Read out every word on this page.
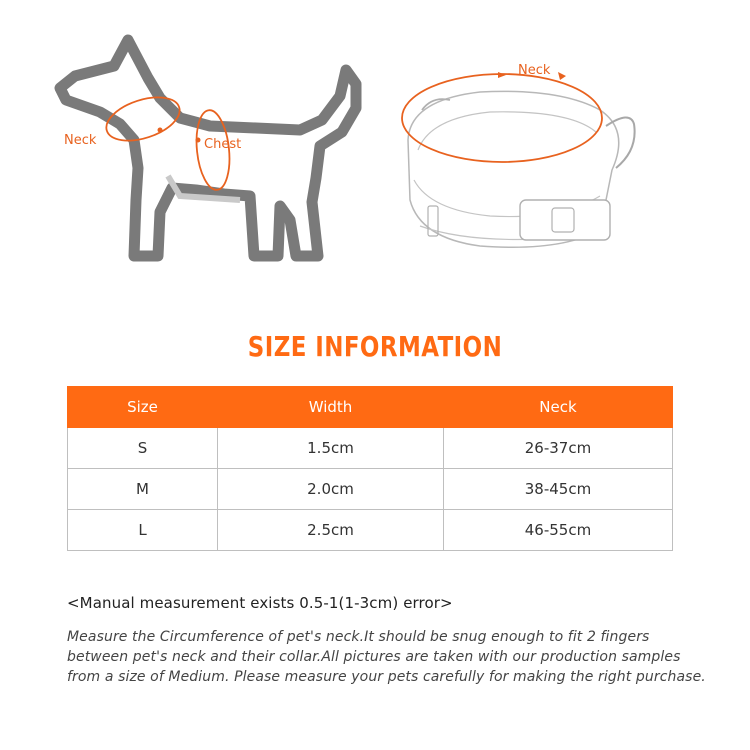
Neck	Chest
Neck
SIZE INFORMATION
Size	Width	Neck
S	1.5cm	26-37cm
M	2.0cm	38-45cm
L	2.5cm	46-55cm
<Manual measurement exists 0.5-1(1-3cm) error>
Measure the Circumference of pet's neck.It should be snug enough to fit 2 fingers between pet's neck and their collar.All pictures are taken with our production samples from a size of Medium. Please measure your pets carefully for making the right purchase.
